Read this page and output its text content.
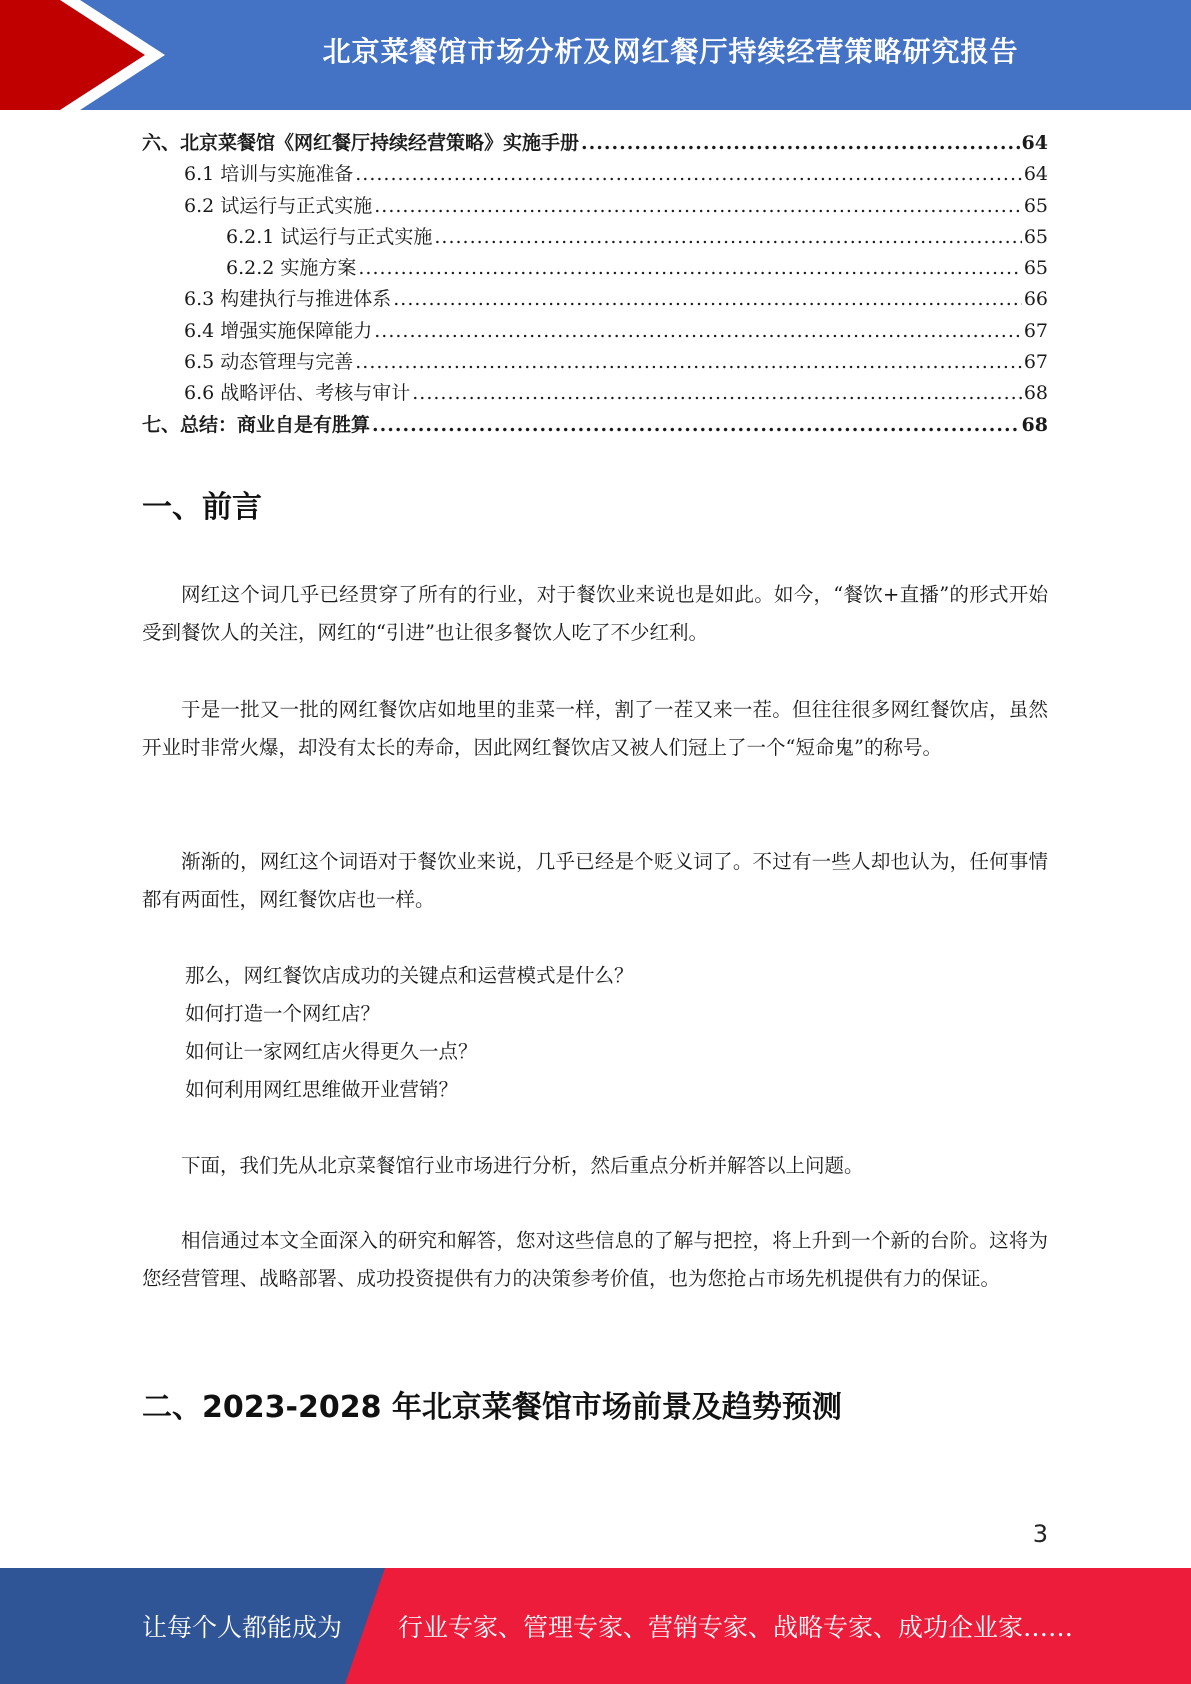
北京菜餐馆市场分析及网红餐厅持续经营策略研究报告
六、北京菜餐馆《网红餐厅持续经营策略》实施手册 .....	64
6.1 培训与实施准备 .....	64
6.2 试运行与正式实施 .....	65
6.2.1 试运行与正式实施 .....	65
6.2.2 实施方案 .....	65
6.3 构建执行与推进体系 .....	66
6.4 增强实施保障能力 .....	67
6.5 动态管理与完善 .....	67
6.6 战略评估、考核与审计 .....	68
七、总结：商业自是有胜算 .....	68
一、前言

网红这个词几乎已经贯穿了所有的行业，对于餐饮业来说也是如此。如今，“餐饮+直播”的形式开始受到餐饮人的关注，网红的“引进”也让很多餐饮人吃了不少红利。

于是一批又一批的网红餐饮店如地里的韭菜一样，割了一茬又来一茬。但往往很多网红餐饮店，虽然开业时非常火爆，却没有太长的寿命，因此网红餐饮店又被人们冠上了一个“短命鬼”的称号。

渐渐的，网红这个词语对于餐饮业来说，几乎已经是个贬义词了。不过有一些人却也认为，任何事情都有两面性，网红餐饮店也一样。

那么，网红餐饮店成功的关键点和运营模式是什么？
如何打造一个网红店？
如何让一家网红店火得更久一点？
如何利用网红思维做开业营销？

下面，我们先从北京菜餐馆行业市场进行分析，然后重点分析并解答以上问题。

相信通过本文全面深入的研究和解答，您对这些信息的了解与把控，将上升到一个新的台阶。这将为您经营管理、战略部署、成功投资提供有力的决策参考价值，也为您抢占市场先机提供有力的保证。

二、2023-2028 年北京菜餐馆市场前景及趋势预测
3
让每个人都能成为 行业专家、管理专家、营销专家、战略专家、成功企业家……
